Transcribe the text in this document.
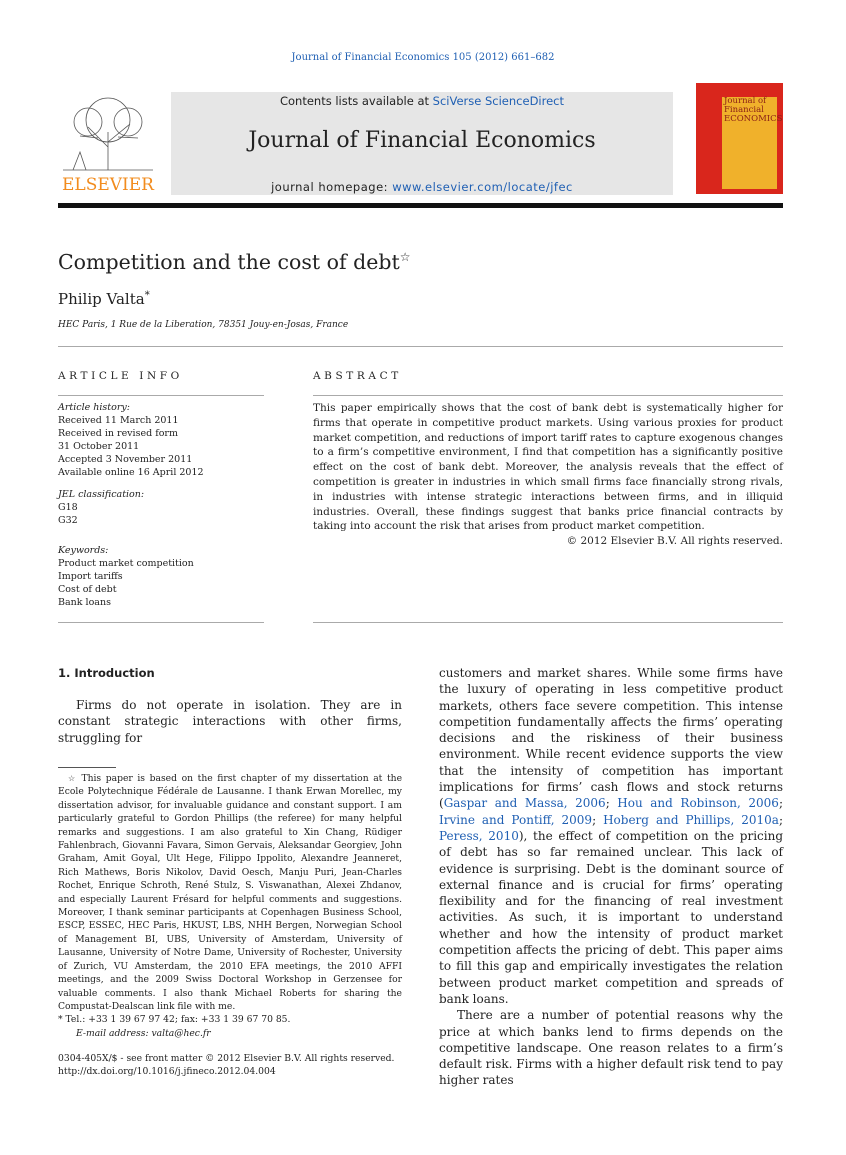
Journal of Financial Economics 105 (2012) 661–682
ELSEVIER
Contents lists available at SciVerse ScienceDirect
Journal of Financial Economics
journal homepage: www.elsevier.com/locate/jfec
Journal of Financial ECONOMICS
Competition and the cost of debt☆
Philip Valta*
HEC Paris, 1 Rue de la Liberation, 78351 Jouy-en-Josas, France
ARTICLE INFO	ABSTRACT
Article history:
Received 11 March 2011
Received in revised form
31 October 2011
Accepted 3 November 2011
Available online 16 April 2012
JEL classification:
G18
G32
Keywords:
Product market competition
Import tariffs
Cost of debt
Bank loans
This paper empirically shows that the cost of bank debt is systematically higher for firms that operate in competitive product markets. Using various proxies for product market competition, and reductions of import tariff rates to capture exogenous changes to a firm’s competitive environment, I find that competition has a significantly positive effect on the cost of bank debt. Moreover, the analysis reveals that the effect of competition is greater in industries in which small firms face financially strong rivals, in industries with intense strategic interactions between firms, and in illiquid industries. Overall, these findings suggest that banks price financial contracts by taking into account the risk that arises from product market competition.
© 2012 Elsevier B.V. All rights reserved.
1. Introduction
Firms do not operate in isolation. They are in constant strategic interactions with other firms, struggling for
customers and market shares. While some firms have the luxury of operating in less competitive product markets, others face severe competition. This intense competition fundamentally affects the firms’ operating decisions and the riskiness of their business environment. While recent evidence supports the view that the intensity of competition has important implications for firms’ cash flows and stock returns (Gaspar and Massa, 2006; Hou and Robinson, 2006; Irvine and Pontiff, 2009; Hoberg and Phillips, 2010a; Peress, 2010), the effect of competition on the pricing of debt has so far remained unclear. This lack of evidence is surprising. Debt is the dominant source of external finance and is crucial for firms’ operating flexibility and for the financing of real investment activities. As such, it is important to understand whether and how the intensity of product market competition affects the pricing of debt. This paper aims to fill this gap and empirically investigates the relation between product market competition and spreads of bank loans.
There are a number of potential reasons why the price at which banks lend to firms depends on the competitive landscape. One reason relates to a firm’s default risk. Firms with a higher default risk tend to pay higher rates
☆ This paper is based on the first chapter of my dissertation at the Ecole Polytechnique Fédérale de Lausanne. I thank Erwan Morellec, my dissertation advisor, for invaluable guidance and constant support. I am particularly grateful to Gordon Phillips (the referee) for many helpful remarks and suggestions. I am also grateful to Xin Chang, Rüdiger Fahlenbrach, Giovanni Favara, Simon Gervais, Aleksandar Georgiev, John Graham, Amit Goyal, Ult Hege, Filippo Ippolito, Alexandre Jeanneret, Rich Mathews, Boris Nikolov, David Oesch, Manju Puri, Jean-Charles Rochet, Enrique Schroth, René Stulz, S. Viswanathan, Alexei Zhdanov, and especially Laurent Frésard for helpful comments and suggestions. Moreover, I thank seminar participants at Copenhagen Business School, ESCP, ESSEC, HEC Paris, HKUST, LBS, NHH Bergen, Norwegian School of Management BI, UBS, University of Amsterdam, University of Lausanne, University of Notre Dame, University of Rochester, University of Zurich, VU Amsterdam, the 2010 EFA meetings, the 2010 AFFI meetings, and the 2009 Swiss Doctoral Workshop in Gerzensee for valuable comments. I also thank Michael Roberts for sharing the Compustat-Dealscan link file with me.
* Tel.: +33 1 39 67 97 42; fax: +33 1 39 67 70 85.
E-mail address: valta@hec.fr
0304-405X/$ - see front matter © 2012 Elsevier B.V. All rights reserved.
http://dx.doi.org/10.1016/j.jfineco.2012.04.004
